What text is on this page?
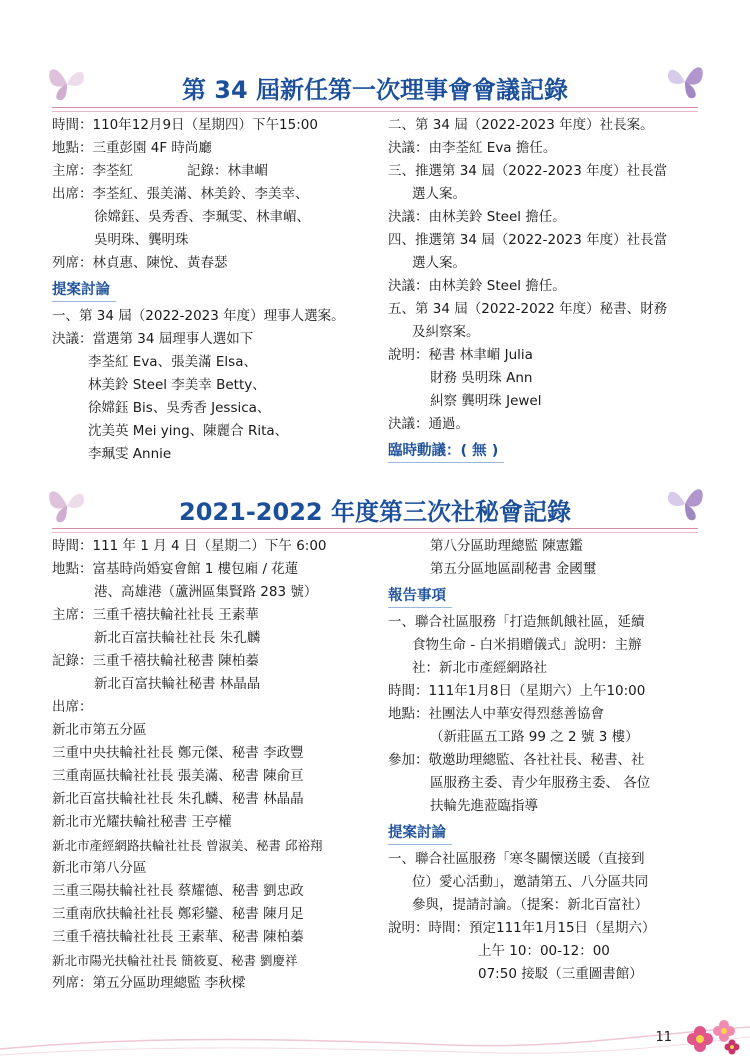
第 34 屆新任第一次理事會會議記錄
時間：110年12月9日（星期四）下午15:00
地點：三重彭園 4F 時尚廳
主席：李荃紅　　　　記錄：林聿嵋
出席：李荃紅、張美滿、林美鈴、李美幸、
徐嫦鈺、吳秀香、李珮雯、林聿嵋、
吳明珠、龔明珠
列席：林貞惠、陳悅、黃春瑟
提案討論
一、第 34 屆（2022-2023 年度）理事人選案。
決議：當選第 34 屆理事人選如下
李荃紅 Eva、張美滿 Elsa、
林美鈴 Steel 李美幸 Betty、
徐嫦鈺 Bis、吳秀香 Jessica、
沈美英 Mei ying、陳麗合 Rita、
李珮雯 Annie
二、第 34 屆（2022-2023 年度）社長案。
決議：由李荃紅 Eva 擔任。
三、推選第 34 屆（2022-2023 年度）社長當
選人案。
決議：由林美鈴 Steel 擔任。
四、推選第 34 屆（2022-2023 年度）社長當
選人案。
決議：由林美鈴 Steel 擔任。
五、第 34 屆（2022-2022 年度）秘書、財務
及糾察案。
說明：秘書 林聿嵋 Julia
財務 吳明珠 Ann
糾察 龔明珠 Jewel
決議：通過。
臨時動議：( 無 )
2021-2022 年度第三次社秘會記錄
時間：111 年 1 月 4 日（星期二）下午 6:00
地點：富基時尚婚宴會館 1 樓包廂 / 花蓮
港、高雄港（蘆洲區集賢路 283 號）
主席：三重千禧扶輪社社長 王素華
新北百富扶輪社社長 朱孔麟
記錄：三重千禧扶輪社秘書 陳柏蓁
新北百富扶輪社秘書 林晶晶
出席：
新北市第五分區
三重中央扶輪社社長 鄭元傑、秘書 李政豐
三重南區扶輪社社長 張美滿、秘書 陳俞亘
新北百富扶輪社社長 朱孔麟、秘書 林晶晶
新北市光耀扶輪社秘書 王亭權
新北市產經網路扶輪社社長 曾淑美、秘書 邱裕翔
新北市第八分區
三重三陽扶輪社社長 蔡耀德、秘書 劉忠政
三重南欣扶輪社社長 鄭彩鑾、秘書 陳月足
三重千禧扶輪社社長 王素華、秘書 陳柏蓁
新北市陽光扶輪社社長 簡筱夏、秘書 劉慶祥
列席：第五分區助理總監 李秋樑
第八分區助理總監 陳憲鑑
第五分區地區副秘書 金國璽
報告事項
一、聯合社區服務「打造無飢餓社區，延續
食物生命 - 白米捐贈儀式」說明：主辦
社：新北市產經網路社
時間：111年1月8日（星期六）上午10:00
地點：社團法人中華安得烈慈善協會
（新莊區五工路 99 之 2 號 3 樓）
參加：敬邀助理總監、各社社長、秘書、社
區服務主委、青少年服務主委、 各位
扶輪先進蒞臨指導
提案討論
一、聯合社區服務「寒冬關懷送暖（直接到
位）愛心活動」，邀請第五、八分區共同
參與，提請討論。（提案：新北百富社）
說明：時間：預定111年1月15日（星期六）
上午 10：00-12：00
07:50 接駁（三重圖書館）
11
